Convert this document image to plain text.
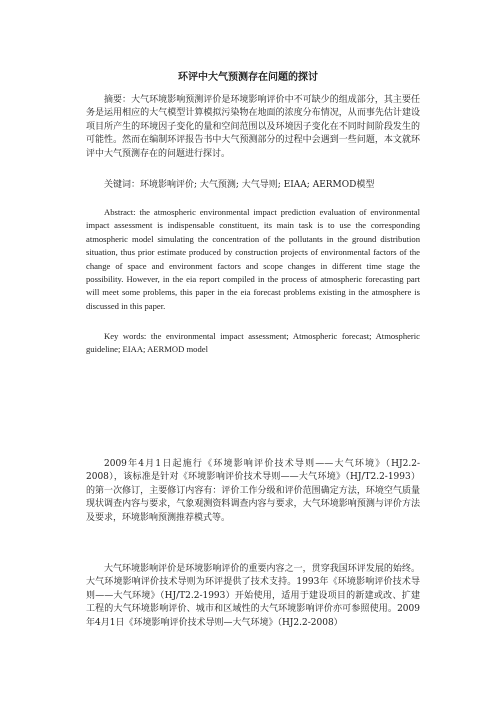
环评中大气预测存在问题的探讨

摘要：大气环境影响预测评价是环境影响评价中不可缺少的组成部分，其主要任务是运用相应的大气模型计算模拟污染物在地面的浓度分布情况，从而事先估计建设项目所产生的环境因子变化的量和空间范围以及环境因子变化在不同时间阶段发生的可能性。然而在编制环评报告书中大气预测部分的过程中会遇到一些问题，本文就环评中大气预测存在的问题进行探讨。

关键词：环境影响评价; 大气预测; 大气导则; EIAA; AERMOD模型

Abstract: the atmospheric environmental impact prediction evaluation of environmental impact assessment is indispensable constituent, its main task is to use the corresponding atmospheric model simulating the concentration of the pollutants in the ground distribution situation, thus prior estimate produced by construction projects of environmental factors of the change of space and environment factors and scope changes in different time stage the possibility. However, in the eia report compiled in the process of atmospheric forecasting part will meet some problems, this paper in the eia forecast problems existing in the atmosphere is discussed in this paper.

Key words: the environmental impact assessment; Atmospheric forecast; Atmospheric guideline; EIAA; AERMOD model

2009年4月1日起施行《环境影响评价技术导则——大气环境》（HJ2.2-2008），该标准是针对《环境影响评价技术导则——大气环境》（HJ/T2.2-1993）的第一次修订，主要修订内容有：评价工作分级和评价范围确定方法，环境空气质量现状调查内容与要求，气象观测资料调查内容与要求，大气环境影响预测与评价方法及要求，环境影响预测推荐模式等。

大气环境影响评价是环境影响评价的重要内容之一，贯穿我国环评发展的始终。大气环境影响评价技术导则为环评提供了技术支持。1993年《环境影响评价技术导则——大气环境》（HJ/T2.2-1993）开始使用，适用于建设项目的新建或改、扩建工程的大气环境影响评价、城市和区域性的大气环境影响评价亦可参照使用。2009年4月1日《环境影响评价技术导则—大气环境》（HJ2.2-2008）
